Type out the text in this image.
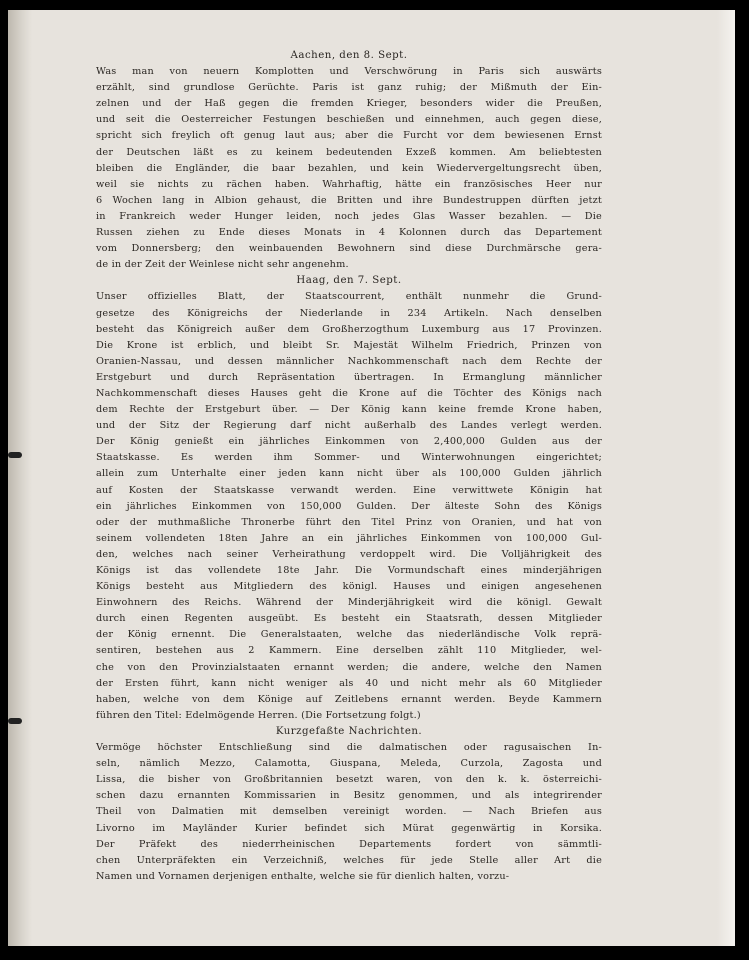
Aachen, den 8. Sept.
Was man von neuern Komplotten und Verschwörung in Paris sich auswärts
erzählt, sind grundlose Gerüchte. Paris ist ganz ruhig; der Mißmuth der Ein-
zelnen und der Haß gegen die fremden Krieger, besonders wider die Preußen,
und seit die Oesterreicher Festungen beschießen und einnehmen, auch gegen diese,
spricht sich freylich oft genug laut aus; aber die Furcht vor dem bewiesenen Ernst
der Deutschen läßt es zu keinem bedeutenden Exzeß kommen. Am beliebtesten
bleiben die Engländer, die baar bezahlen, und kein Wiedervergeltungsrecht üben,
weil sie nichts zu rächen haben. Wahrhaftig, hätte ein französisches Heer nur
6 Wochen lang in Albion gehaust, die Britten und ihre Bundestruppen dürften jetzt
in Frankreich weder Hunger leiden, noch jedes Glas Wasser bezahlen. — Die
Russen ziehen zu Ende dieses Monats in 4 Kolonnen durch das Departement
vom Donnersberg; den weinbauenden Bewohnern sind diese Durchmärsche gera-
de in der Zeit der Weinlese nicht sehr angenehm.
Haag, den 7. Sept.
Unser offizielles Blatt, der Staatscourrent, enthält nunmehr die Grund-
gesetze des Königreichs der Niederlande in 234 Artikeln. Nach denselben
besteht das Königreich außer dem Großherzogthum Luxemburg aus 17 Provinzen.
Die Krone ist erblich, und bleibt Sr. Majestät Wilhelm Friedrich, Prinzen von
Oranien-Nassau, und dessen männlicher Nachkommenschaft nach dem Rechte der
Erstgeburt und durch Repräsentation übertragen. In Ermanglung männlicher
Nachkommenschaft dieses Hauses geht die Krone auf die Töchter des Königs nach
dem Rechte der Erstgeburt über. — Der König kann keine fremde Krone haben,
und der Sitz der Regierung darf nicht außerhalb des Landes verlegt werden.
Der König genießt ein jährliches Einkommen von 2,400,000 Gulden aus der
Staatskasse. Es werden ihm Sommer- und Winterwohnungen eingerichtet;
allein zum Unterhalte einer jeden kann nicht über als 100,000 Gulden jährlich
auf Kosten der Staatskasse verwandt werden. Eine verwittwete Königin hat
ein jährliches Einkommen von 150,000 Gulden. Der älteste Sohn des Königs
oder der muthmaßliche Thronerbe führt den Titel Prinz von Oranien, und hat von
seinem vollendeten 18ten Jahre an ein jährliches Einkommen von 100,000 Gul-
den, welches nach seiner Verheirathung verdoppelt wird. Die Volljährigkeit des
Königs ist das vollendete 18te Jahr. Die Vormundschaft eines minderjährigen
Königs besteht aus Mitgliedern des königl. Hauses und einigen angesehenen
Einwohnern des Reichs. Während der Minderjährigkeit wird die königl. Gewalt
durch einen Regenten ausgeübt. Es besteht ein Staatsrath, dessen Mitglieder
der König ernennt. Die Generalstaaten, welche das niederländische Volk reprä-
sentiren, bestehen aus 2 Kammern. Eine derselben zählt 110 Mitglieder, wel-
che von den Provinzialstaaten ernannt werden; die andere, welche den Namen
der Ersten führt, kann nicht weniger als 40 und nicht mehr als 60 Mitglieder
haben, welche von dem Könige auf Zeitlebens ernannt werden. Beyde Kammern
führen den Titel: Edelmögende Herren. (Die Fortsetzung folgt.)
Kurzgefaßte Nachrichten.
Vermöge höchster Entschließung sind die dalmatischen oder ragusaischen In-
seln, nämlich Mezzo, Calamotta, Giuspana, Meleda, Curzola, Zagosta und
Lissa, die bisher von Großbritannien besetzt waren, von den k. k. österreichi-
schen dazu ernannten Kommissarien in Besitz genommen, und als integrirender
Theil von Dalmatien mit demselben vereinigt worden. — Nach Briefen aus
Livorno im Mayländer Kurier befindet sich Mürat gegenwärtig in Korsika.
Der Präfekt des niederrheinischen Departements fordert von sämmtli-
chen Unterpräfekten ein Verzeichniß, welches für jede Stelle aller Art die
Namen und Vornamen derjenigen enthalte, welche sie für dienlich halten, vorzu-
